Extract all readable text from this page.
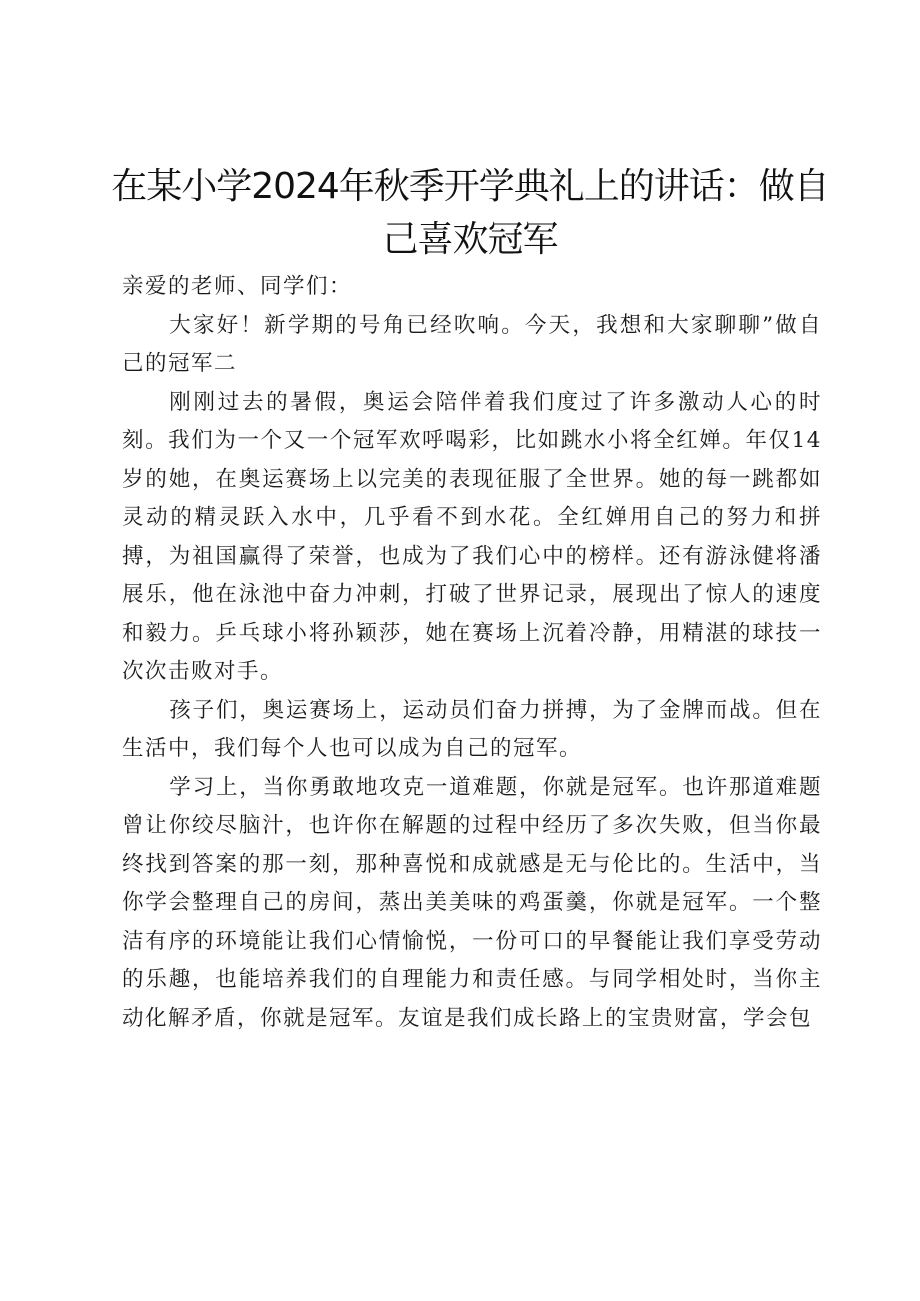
在某小学2024年秋季开学典礼上的讲话：做自己喜欢冠军

亲爱的老师、同学们：

大家好！新学期的号角已经吹响。今天，我想和大家聊聊”做自己的冠军二

刚刚过去的暑假，奥运会陪伴着我们度过了许多激动人心的时刻。我们为一个又一个冠军欢呼喝彩，比如跳水小将全红婵。年仅14岁的她，在奥运赛场上以完美的表现征服了全世界。她的每一跳都如灵动的精灵跃入水中，几乎看不到水花。全红婵用自己的努力和拼搏，为祖国赢得了荣誉，也成为了我们心中的榜样。还有游泳健将潘展乐，他在泳池中奋力冲刺，打破了世界记录，展现出了惊人的速度和毅力。乒乓球小将孙颖莎，她在赛场上沉着冷静，用精湛的球技一次次击败对手。

孩子们，奥运赛场上，运动员们奋力拼搏，为了金牌而战。但在生活中，我们每个人也可以成为自己的冠军。

学习上，当你勇敢地攻克一道难题，你就是冠军。也许那道难题曾让你绞尽脑汁，也许你在解题的过程中经历了多次失败，但当你最终找到答案的那一刻，那种喜悦和成就感是无与伦比的。生活中，当你学会整理自己的房间，蒸出美美味的鸡蛋羹，你就是冠军。一个整洁有序的环境能让我们心情愉悦，一份可口的早餐能让我们享受劳动的乐趣，也能培养我们的自理能力和责任感。与同学相处时，当你主动化解矛盾，你就是冠军。友谊是我们成长路上的宝贵财富，学会包
